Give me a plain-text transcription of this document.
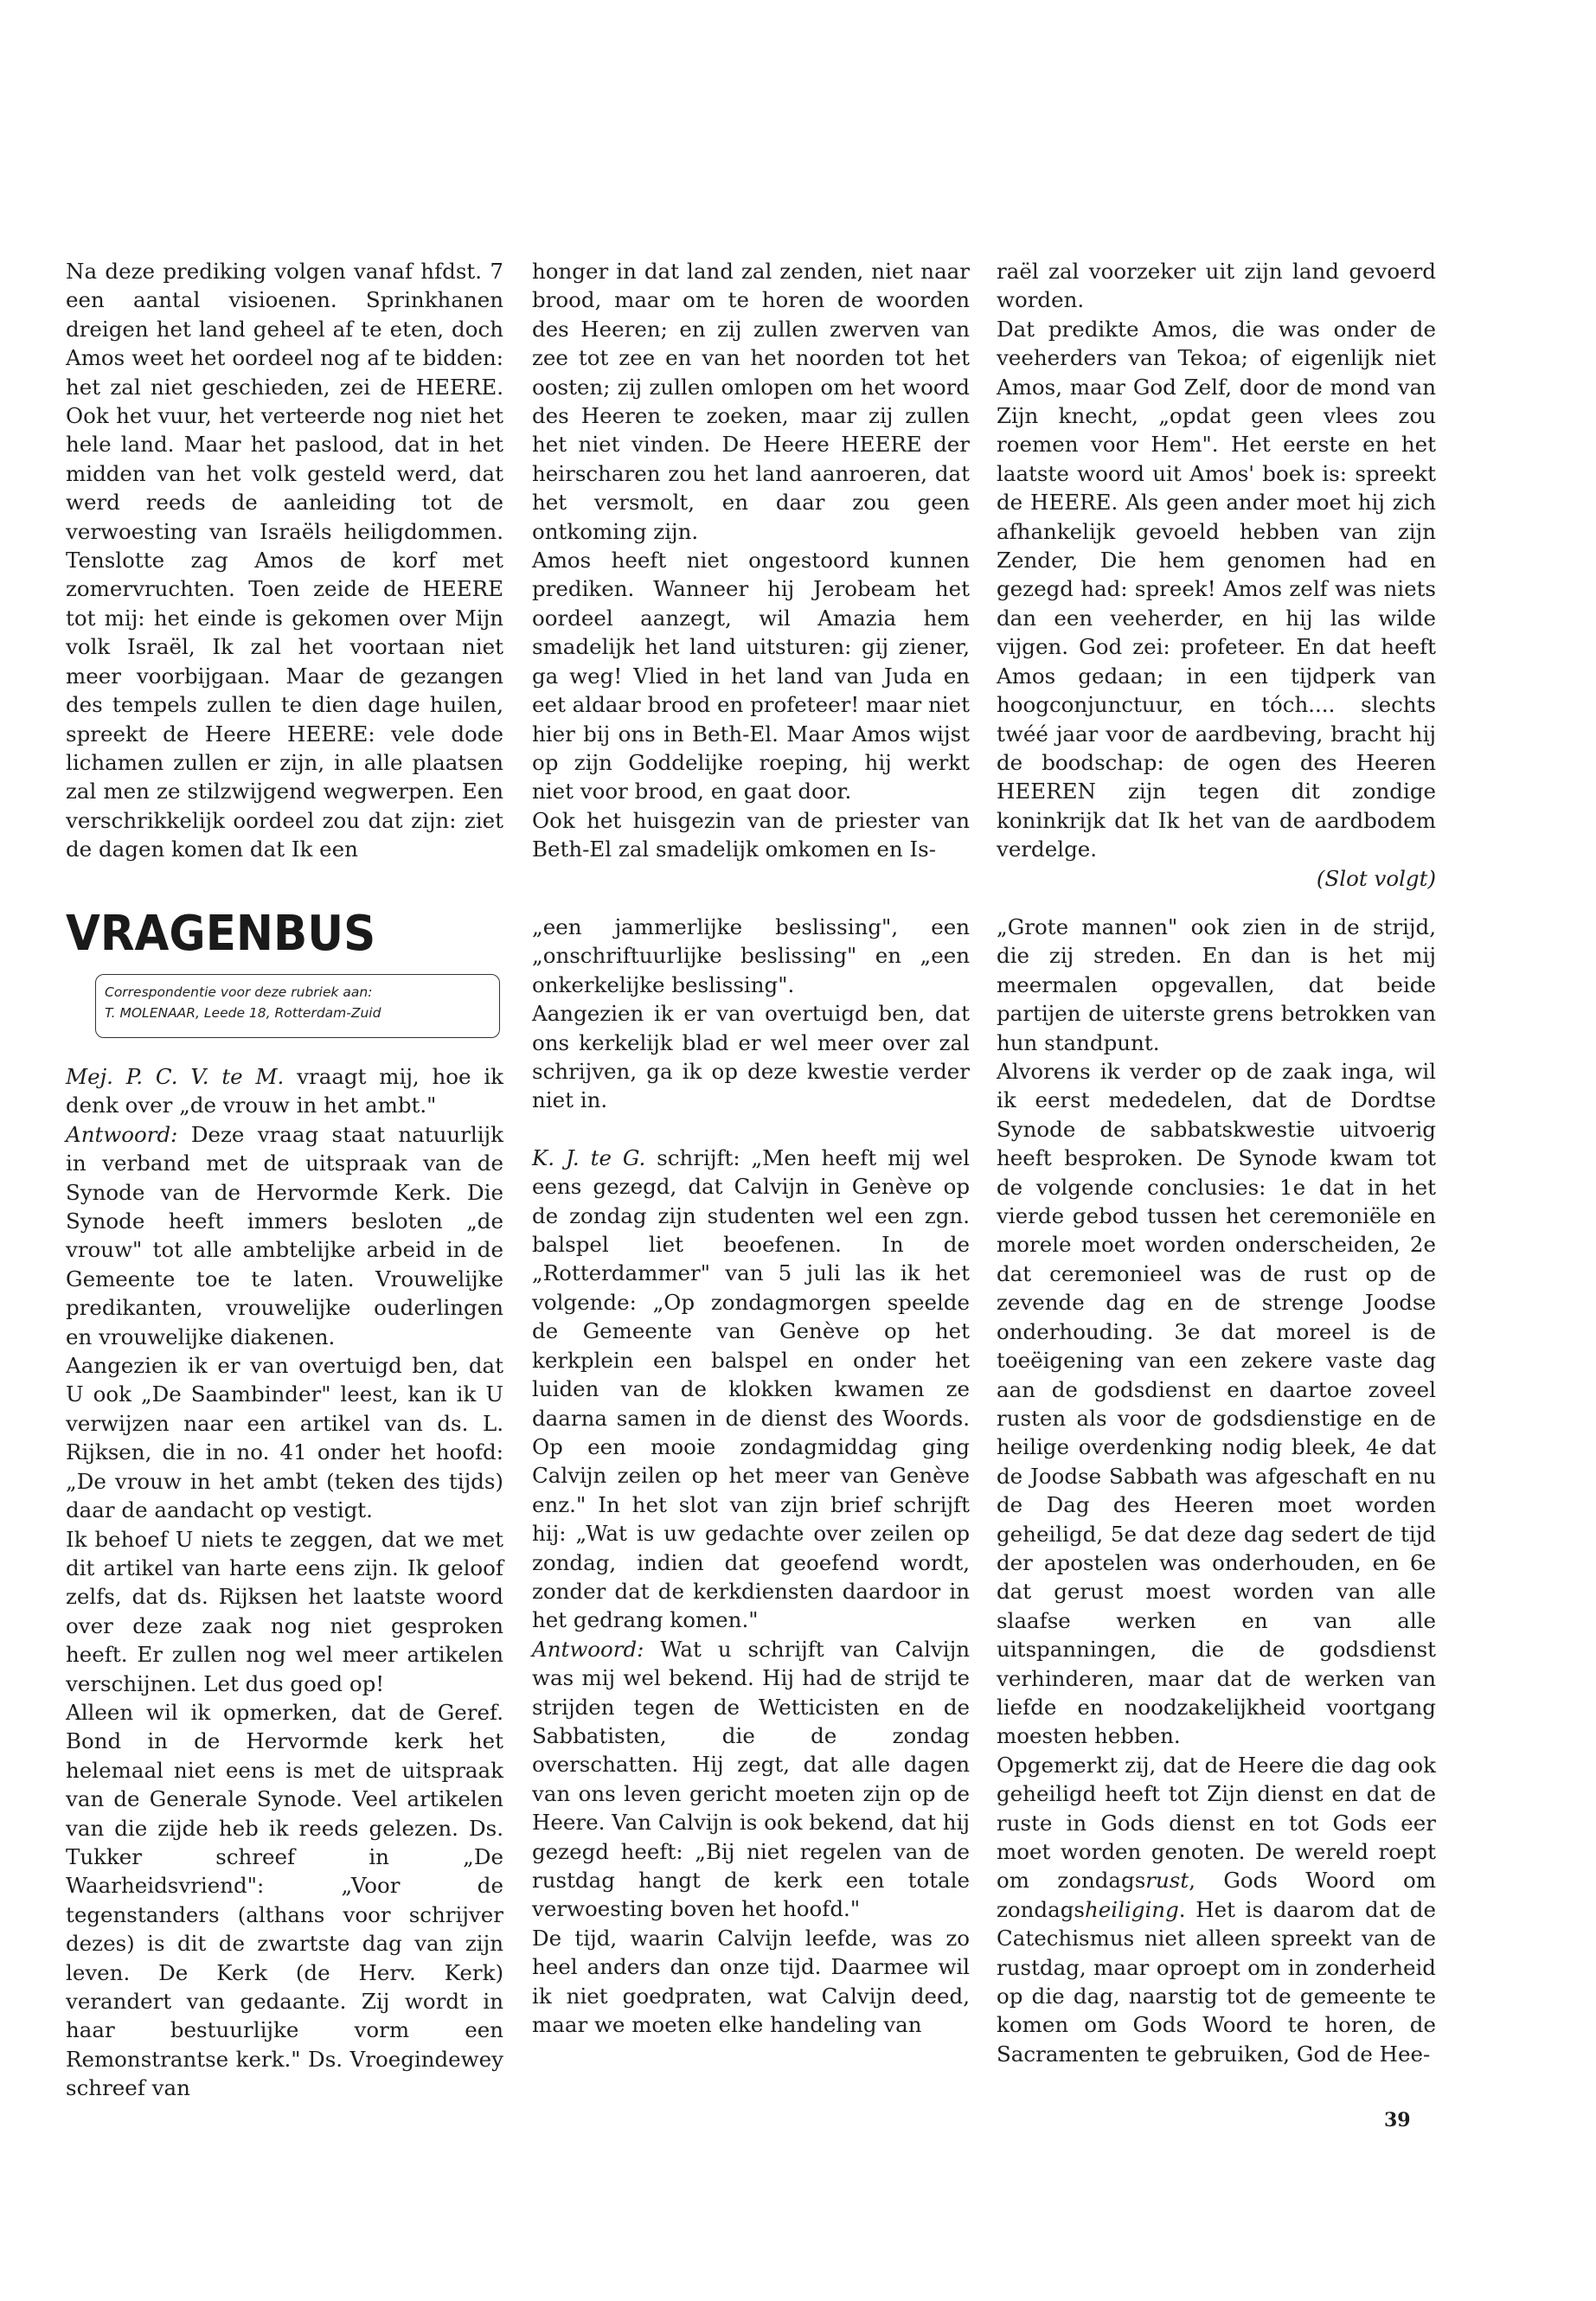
Na deze prediking volgen vanaf hfdst. 7 een aantal visioenen. Sprinkhanen dreigen het land geheel af te eten, doch Amos weet het oordeel nog af te bidden: het zal niet geschieden, zei de HEERE. Ook het vuur, het verteerde nog niet het hele land. Maar het paslood, dat in het midden van het volk gesteld werd, dat werd reeds de aanleiding tot de verwoesting van Israëls heiligdommen. Tenslotte zag Amos de korf met zomervruchten. Toen zeide de HEERE tot mij: het einde is gekomen over Mijn volk Israël, Ik zal het voortaan niet meer voorbijgaan. Maar de gezangen des tempels zullen te dien dage huilen, spreekt de Heere HEERE: vele dode lichamen zullen er zijn, in alle plaatsen zal men ze stilzwijgend wegwerpen. Een verschrikkelijk oordeel zou dat zijn: ziet de dagen komen dat Ik een

honger in dat land zal zenden, niet naar brood, maar om te horen de woorden des Heeren; en zij zullen zwerven van zee tot zee en van het noorden tot het oosten; zij zullen omlopen om het woord des Heeren te zoeken, maar zij zullen het niet vinden. De Heere HEERE der heirscharen zou het land aanroeren, dat het versmolt, en daar zou geen ontkoming zijn.

Amos heeft niet ongestoord kunnen prediken. Wanneer hij Jerobeam het oordeel aanzegt, wil Amazia hem smadelijk het land uitsturen: gij ziener, ga weg! Vlied in het land van Juda en eet aldaar brood en profeteer! maar niet hier bij ons in Beth-El. Maar Amos wijst op zijn Goddelijke roeping, hij werkt niet voor brood, en gaat door.

Ook het huisgezin van de priester van Beth-El zal smadelijk omkomen en Is-

raël zal voorzeker uit zijn land gevoerd worden.

Dat predikte Amos, die was onder de veeherders van Tekoa; of eigenlijk niet Amos, maar God Zelf, door de mond van Zijn knecht, „opdat geen vlees zou roemen voor Hem". Het eerste en het laatste woord uit Amos' boek is: spreekt de HEERE. Als geen ander moet hij zich afhankelijk gevoeld hebben van zijn Zender, Die hem genomen had en gezegd had: spreek! Amos zelf was niets dan een veeherder, en hij las wilde vijgen. God zei: profeteer. En dat heeft Amos gedaan; in een tijdperk van hoogconjunctuur, en tóch.... slechts twéé jaar voor de aardbeving, bracht hij de boodschap: de ogen des Heeren HEEREN zijn tegen dit zondige koninkrijk dat Ik het van de aardbodem verdelge.

(Slot volgt)

VRAGENBUS
Correspondentie voor deze rubriek aan:
T. MOLENAAR, Leede 18, Rotterdam-Zuid

Mej. P. C. V. te M. vraagt mij, hoe ik denk over „de vrouw in het ambt."

Antwoord: Deze vraag staat natuurlijk in verband met de uitspraak van de Synode van de Hervormde Kerk. Die Synode heeft immers besloten „de vrouw" tot alle ambtelijke arbeid in de Gemeente toe te laten. Vrouwelijke predikanten, vrouwelijke ouderlingen en vrouwelijke diakenen.

Aangezien ik er van overtuigd ben, dat U ook „De Saambinder" leest, kan ik U verwijzen naar een artikel van ds. L. Rijksen, die in no. 41 onder het hoofd: „De vrouw in het ambt (teken des tijds) daar de aandacht op vestigt.

Ik behoef U niets te zeggen, dat we met dit artikel van harte eens zijn. Ik geloof zelfs, dat ds. Rijksen het laatste woord over deze zaak nog niet gesproken heeft. Er zullen nog wel meer artikelen verschijnen. Let dus goed op!

Alleen wil ik opmerken, dat de Geref. Bond in de Hervormde kerk het helemaal niet eens is met de uitspraak van de Generale Synode. Veel artikelen van die zijde heb ik reeds gelezen. Ds. Tukker schreef in „De Waarheidsvriend": „Voor de tegenstanders (althans voor schrijver dezes) is dit de zwartste dag van zijn leven. De Kerk (de Herv. Kerk) verandert van gedaante. Zij wordt in haar bestuurlijke vorm een Remonstrantse kerk." Ds. Vroegindewey schreef van

„een jammerlijke beslissing", een „onschriftuurlijke beslissing" en „een onkerkelijke beslissing".

Aangezien ik er van overtuigd ben, dat ons kerkelijk blad er wel meer over zal schrijven, ga ik op deze kwestie verder niet in.

K. J. te G. schrijft: „Men heeft mij wel eens gezegd, dat Calvijn in Genève op de zondag zijn studenten wel een zgn. balspel liet beoefenen. In de „Rotterdammer" van 5 juli las ik het volgende: „Op zondagmorgen speelde de Gemeente van Genève op het kerkplein een balspel en onder het luiden van de klokken kwamen ze daarna samen in de dienst des Woords. Op een mooie zondagmiddag ging Calvijn zeilen op het meer van Genève enz." In het slot van zijn brief schrijft hij: „Wat is uw gedachte over zeilen op zondag, indien dat geoefend wordt, zonder dat de kerkdiensten daardoor in het gedrang komen."

Antwoord: Wat u schrijft van Calvijn was mij wel bekend. Hij had de strijd te strijden tegen de Wetticisten en de Sabbatisten, die de zondag overschatten. Hij zegt, dat alle dagen van ons leven gericht moeten zijn op de Heere. Van Calvijn is ook bekend, dat hij gezegd heeft: „Bij niet regelen van de rustdag hangt de kerk een totale verwoesting boven het hoofd."

De tijd, waarin Calvijn leefde, was zo heel anders dan onze tijd. Daarmee wil ik niet goedpraten, wat Calvijn deed, maar we moeten elke handeling van

„Grote mannen" ook zien in de strijd, die zij streden. En dan is het mij meermalen opgevallen, dat beide partijen de uiterste grens betrokken van hun standpunt.

Alvorens ik verder op de zaak inga, wil ik eerst mededelen, dat de Dordtse Synode de sabbatskwestie uitvoerig heeft besproken. De Synode kwam tot de volgende conclusies: 1e dat in het vierde gebod tussen het ceremoniële en morele moet worden onderscheiden, 2e dat ceremonieel was de rust op de zevende dag en de strenge Joodse onderhouding. 3e dat moreel is de toeëigening van een zekere vaste dag aan de godsdienst en daartoe zoveel rusten als voor de godsdienstige en de heilige overdenking nodig bleek, 4e dat de Joodse Sabbath was afgeschaft en nu de Dag des Heeren moet worden geheiligd, 5e dat deze dag sedert de tijd der apostelen was onderhouden, en 6e dat gerust moest worden van alle slaafse werken en van alle uitspanningen, die de godsdienst verhinderen, maar dat de werken van liefde en noodzakelijkheid voortgang moesten hebben.

Opgemerkt zij, dat de Heere die dag ook geheiligd heeft tot Zijn dienst en dat de ruste in Gods dienst en tot Gods eer moet worden genoten. De wereld roept om zondagsrust, Gods Woord om zondagsheiliging. Het is daarom dat de Catechismus niet alleen spreekt van de rustdag, maar oproept om in zonderheid op die dag, naarstig tot de gemeente te komen om Gods Woord te horen, de Sacramenten te gebruiken, God de Hee-

39
